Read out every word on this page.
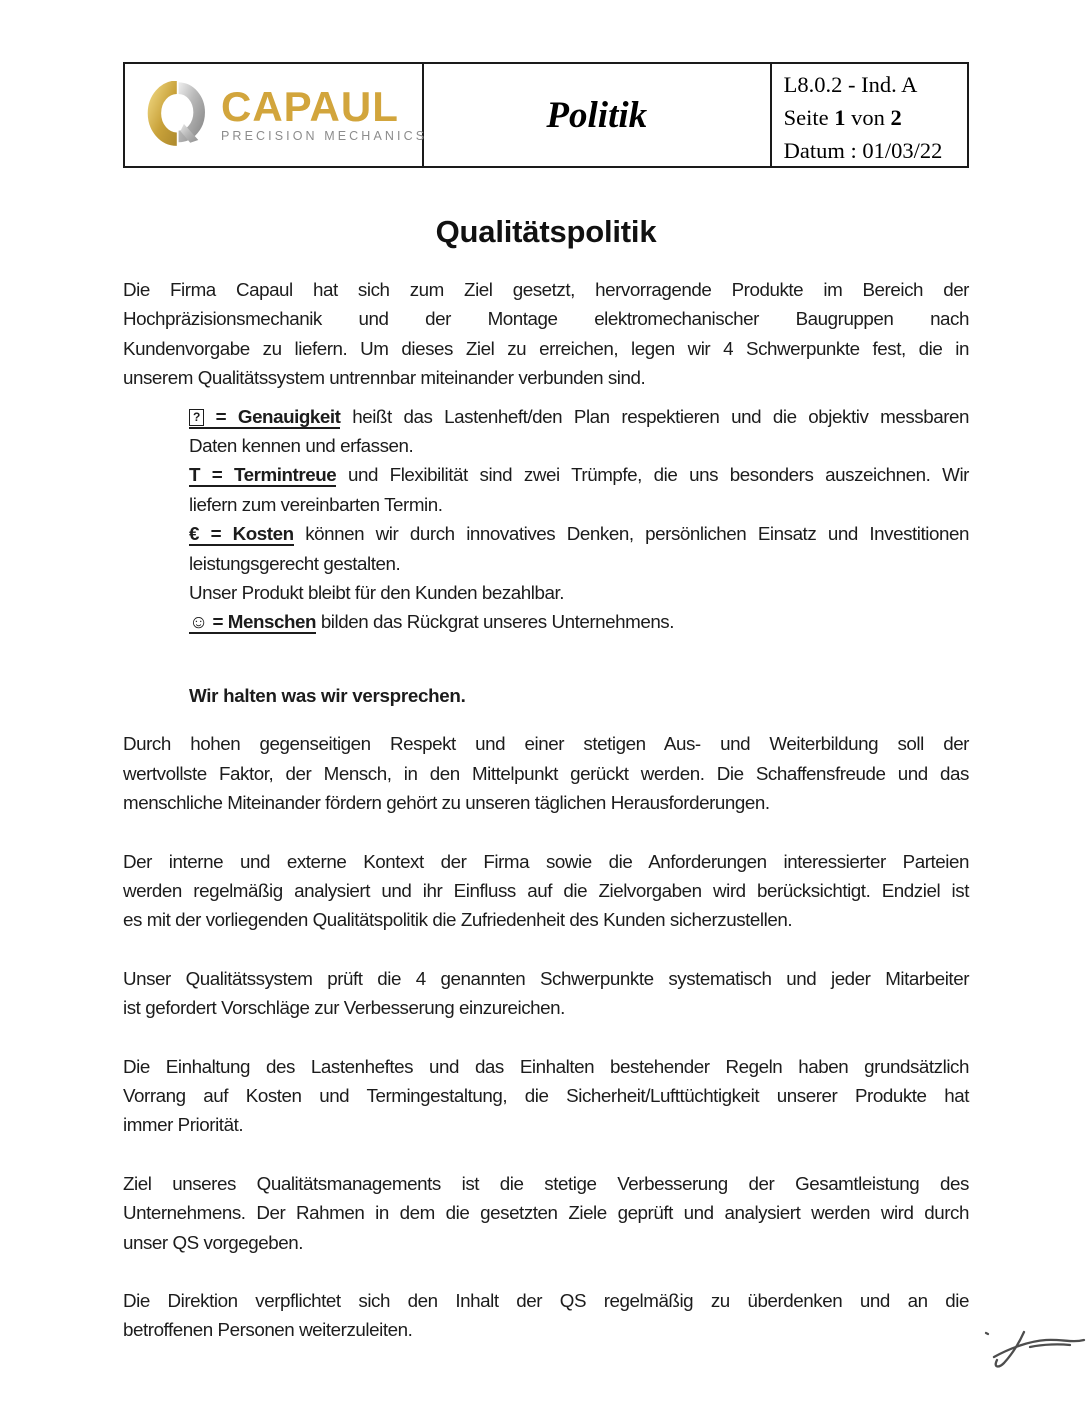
CAPAUL
PRECISION MECHANICS
Politik
L8.0.2 - Ind. A
Seite 1 von 2
Datum : 01/03/22
Qualitätspolitik
Die Firma Capaul hat sich zum Ziel gesetzt, hervorragende Produkte im Bereich der
Hochpräzisionsmechanik und der Montage elektromechanischer Baugruppen nach
Kundenvorgabe zu liefern. Um dieses Ziel zu erreichen, legen wir 4 Schwerpunkte fest, die in
unserem Qualitätssystem untrennbar miteinander verbunden sind.
? = Genauigkeit heißt das Lastenheft/den Plan respektieren und die objektiv messbaren
Daten kennen und erfassen.
T = Termintreue und Flexibilität sind zwei Trümpfe, die uns besonders auszeichnen. Wir
liefern zum vereinbarten Termin.
€ = Kosten können wir durch innovatives Denken, persönlichen Einsatz und Investitionen
leistungsgerecht gestalten.
Unser Produkt bleibt für den Kunden bezahlbar.
☺ = Menschen bilden das Rückgrat unseres Unternehmens.
Wir halten was wir versprechen.
Durch hohen gegenseitigen Respekt und einer stetigen Aus- und Weiterbildung soll der
wertvollste Faktor, der Mensch, in den Mittelpunkt gerückt werden. Die Schaffensfreude und das
menschliche Miteinander fördern gehört zu unseren täglichen Herausforderungen.
Der interne und externe Kontext der Firma sowie die Anforderungen interessierter Parteien
werden regelmäßig analysiert und ihr Einfluss auf die Zielvorgaben wird berücksichtigt. Endziel ist
es mit der vorliegenden Qualitätspolitik die Zufriedenheit des Kunden sicherzustellen.
Unser Qualitätssystem prüft die 4 genannten Schwerpunkte systematisch und jeder Mitarbeiter
ist gefordert Vorschläge zur Verbesserung einzureichen.
Die Einhaltung des Lastenheftes und das Einhalten bestehender Regeln haben grundsätzlich
Vorrang auf Kosten und Termingestaltung, die Sicherheit/Lufttüchtigkeit unserer Produkte hat
immer Priorität.
Ziel unseres Qualitätsmanagements ist die stetige Verbesserung der Gesamtleistung des
Unternehmens. Der Rahmen in dem die gesetzten Ziele geprüft und analysiert werden wird durch
unser QS vorgegeben.
Die Direktion verpflichtet sich den Inhalt der QS regelmäßig zu überdenken und an die
betroffenen Personen weiterzuleiten.
